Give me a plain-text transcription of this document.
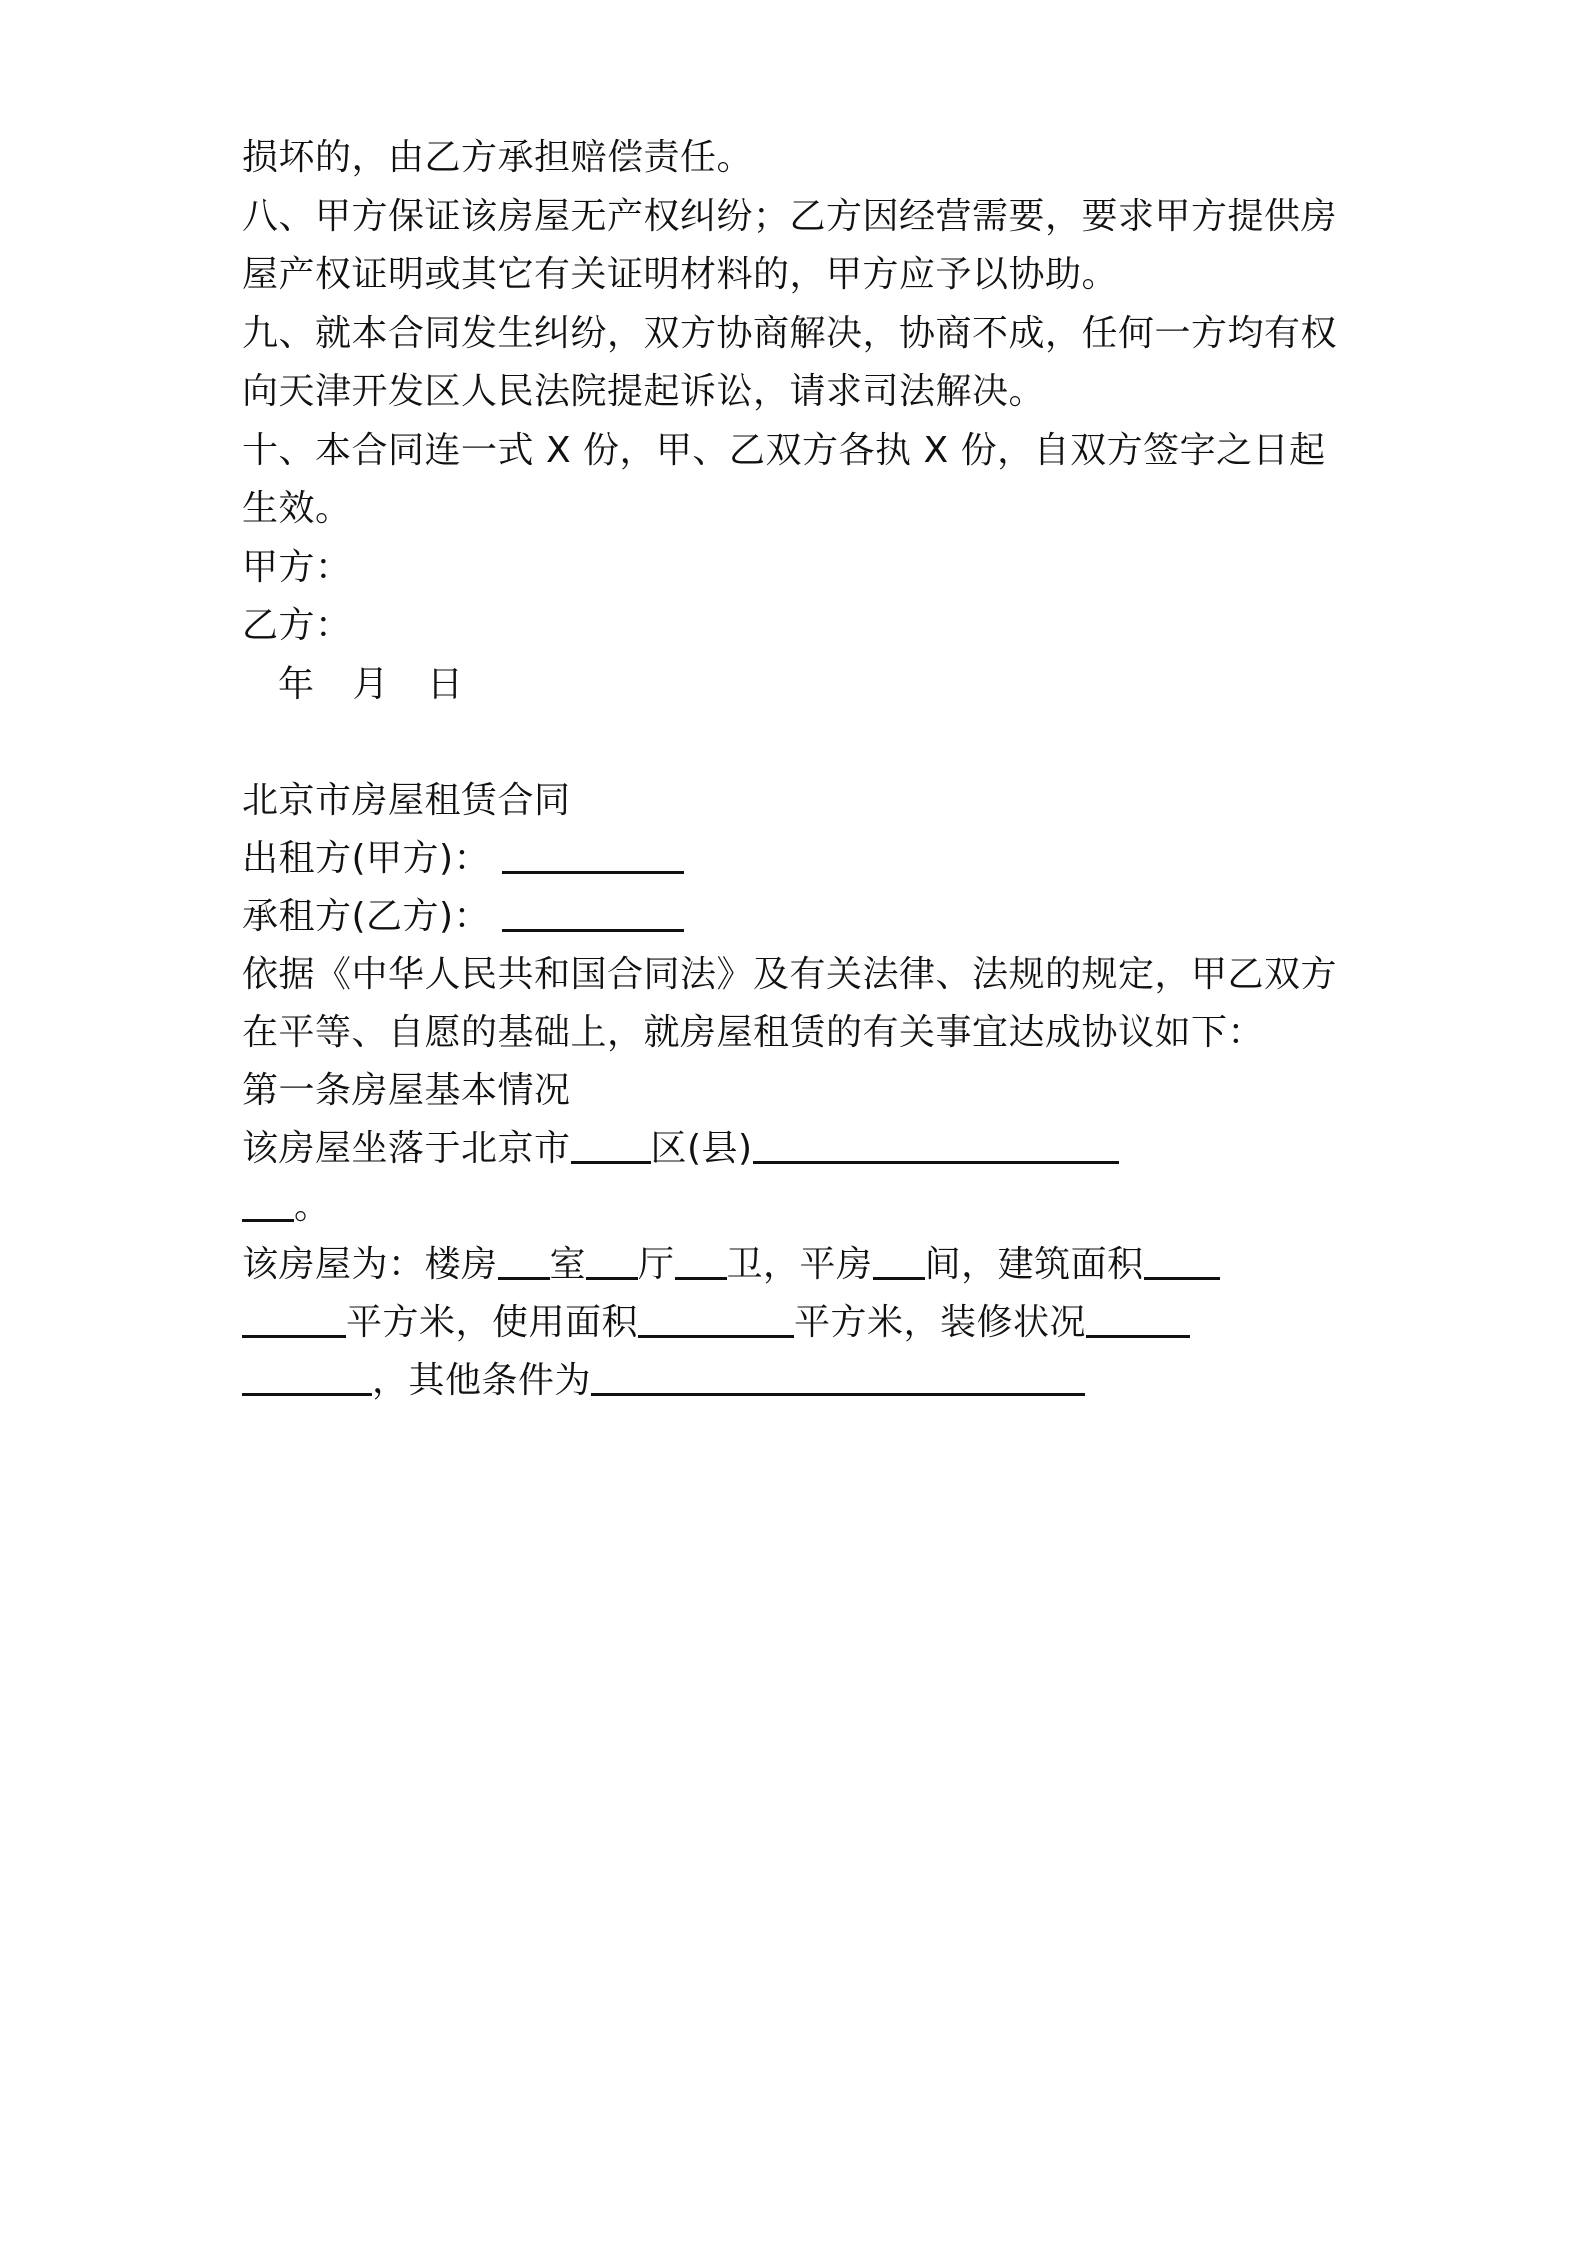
损坏的，由乙方承担赔偿责任。
八、甲方保证该房屋无产权纠纷；乙方因经营需要，要求甲方提供房
屋产权证明或其它有关证明材料的，甲方应予以协助。
九、就本合同发生纠纷，双方协商解决，协商不成，任何一方均有权
向天津开发区人民法院提起诉讼，请求司法解决。
十、本合同连一式 X 份，甲、乙双方各执 X 份，自双方签字之日起
生效。
甲方：
乙方：
年 月 日
北京市房屋租赁合同
出租方(甲方)：
承租方(乙方)：
依据《中华人民共和国合同法》及有关法律、法规的规定，甲乙双方
在平等、自愿的基础上，就房屋租赁的有关事宜达成协议如下：
第一条房屋基本情况
该房屋坐落于北京市 区(县)
。
该房屋为：楼房 室 厅 卫，平房 间，建筑面积
平方米，使用面积	平方米，装修状况
，其他条件为
